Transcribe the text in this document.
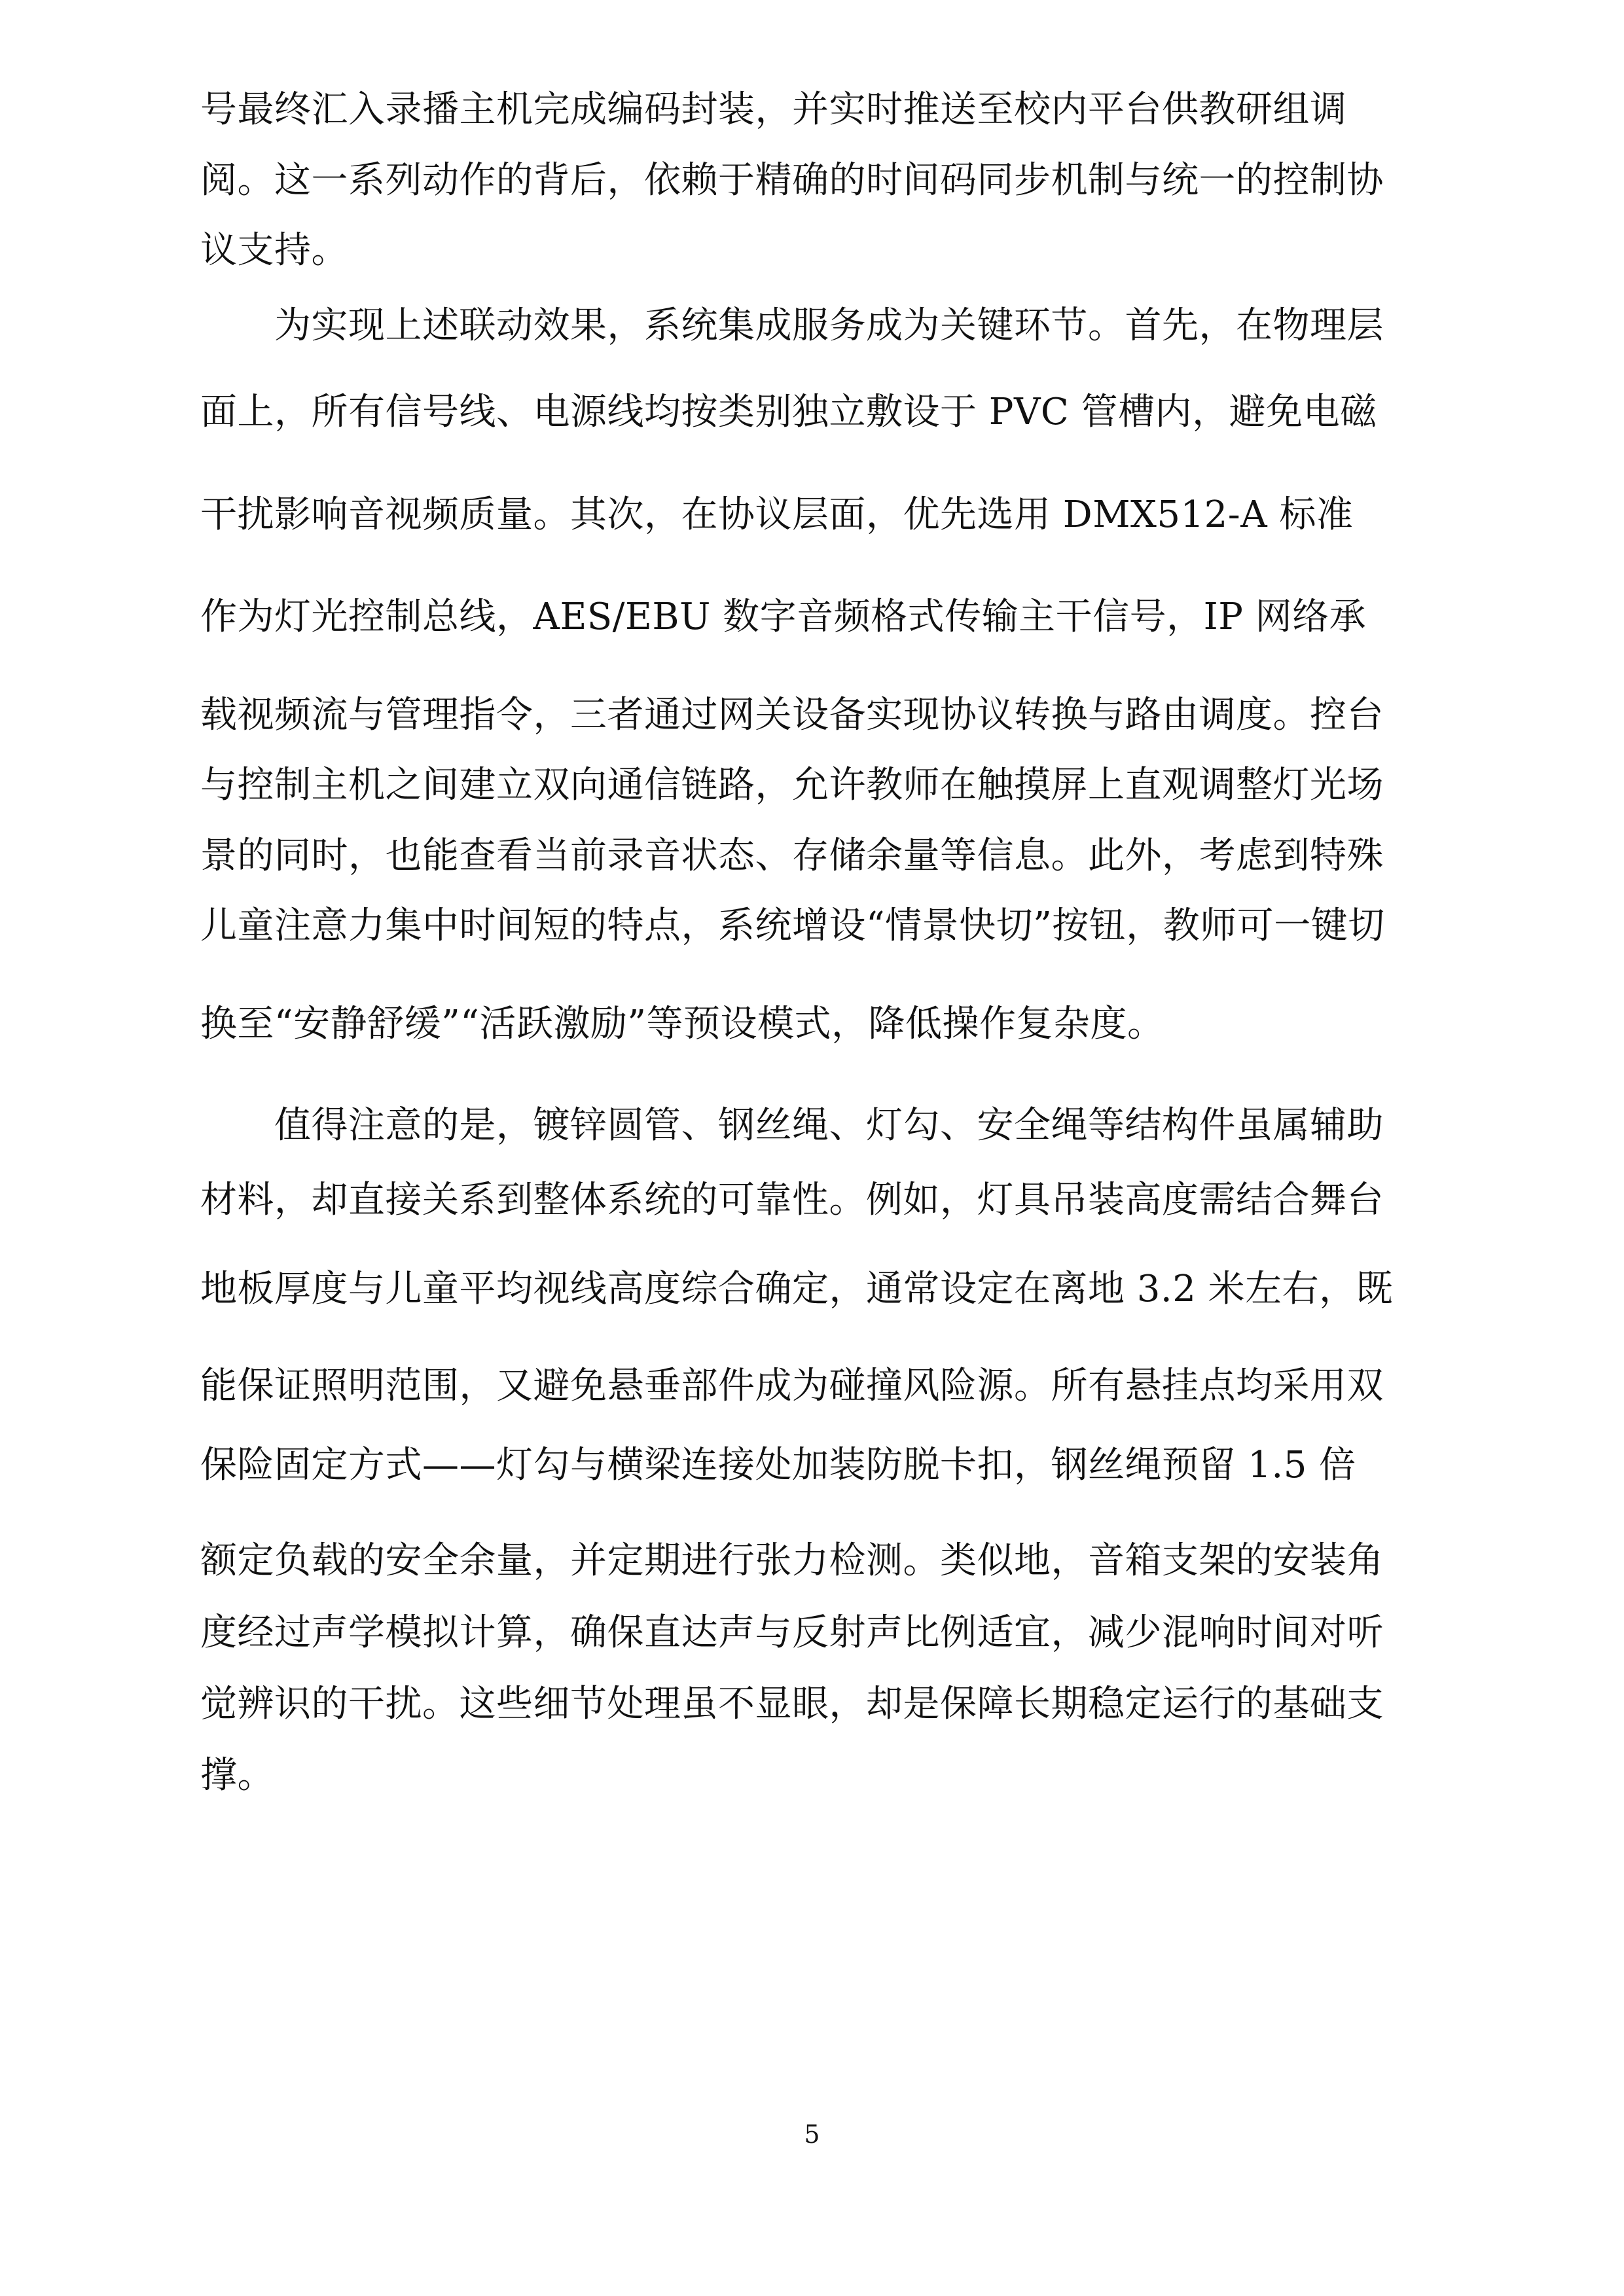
号最终汇入录播主机完成编码封装，并实时推送至校内平台供教研组调
阅。这一系列动作的背后，依赖于精确的时间码同步机制与统一的控制协
议支持。
　　为实现上述联动效果，系统集成服务成为关键环节。首先，在物理层
面上，所有信号线、电源线均按类别独立敷设于 PVC 管槽内，避免电磁
干扰影响音视频质量。其次，在协议层面，优先选用 DMX512-A 标准
作为灯光控制总线，AES/EBU 数字音频格式传输主干信号，IP 网络承
载视频流与管理指令，三者通过网关设备实现协议转换与路由调度。控台
与控制主机之间建立双向通信链路，允许教师在触摸屏上直观调整灯光场
景的同时，也能查看当前录音状态、存储余量等信息。此外，考虑到特殊
儿童注意力集中时间短的特点，系统增设“情景快切”按钮，教师可一键切
换至“安静舒缓”“活跃激励”等预设模式，降低操作复杂度。
　　值得注意的是，镀锌圆管、钢丝绳、灯勾、安全绳等结构件虽属辅助
材料，却直接关系到整体系统的可靠性。例如，灯具吊装高度需结合舞台
地板厚度与儿童平均视线高度综合确定，通常设定在离地 3.2 米左右，既
能保证照明范围，又避免悬垂部件成为碰撞风险源。所有悬挂点均采用双
保险固定方式——灯勾与横梁连接处加装防脱卡扣，钢丝绳预留 1.5 倍
额定负载的安全余量，并定期进行张力检测。类似地，音箱支架的安装角
度经过声学模拟计算，确保直达声与反射声比例适宜，减少混响时间对听
觉辨识的干扰。这些细节处理虽不显眼，却是保障长期稳定运行的基础支
撑。
5
